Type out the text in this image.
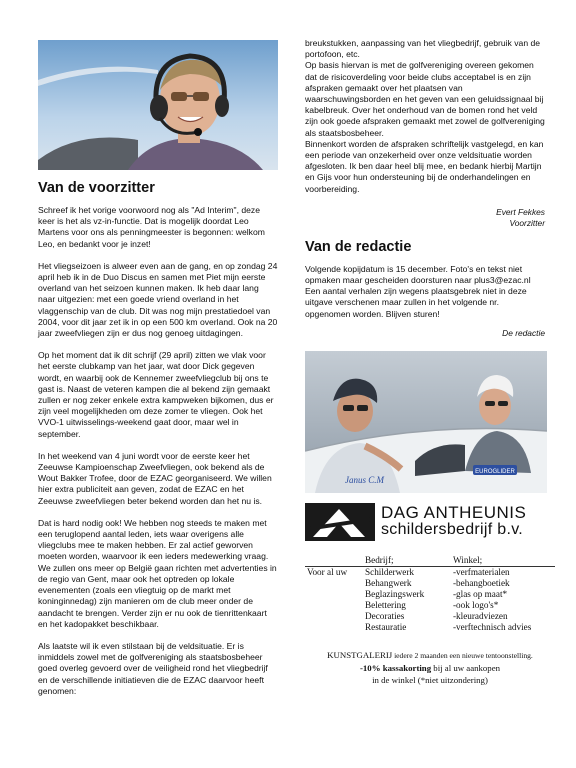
Van de voorzitter

Schreef ik het vorige voorwoord nog als "Ad Interim", deze keer is het als vz-in-functie. Dat is mogelijk doordat Leo Martens voor ons als penningmeester is begonnen: welkom Leo, en bedankt voor je inzet!

Het vliegseizoen is alweer even aan de gang, en op zondag 24 april heb ik in de Duo Discus en samen met Piet mijn eerste overland van het seizoen kunnen maken. Ik heb daar lang naar uitgezien: met een goede vriend overland in het vlaggenschip van de club. Dit was nog mijn prestatiedoel van 2004, voor dit jaar zet ik in op een 500 km overland. Ook na 20 jaar zweefvliegen zijn er dus nog genoeg uitdagingen.

Op het moment dat ik dit schrijf (29 april) zitten we vlak voor het eerste clubkamp van het jaar, wat door Dick gegeven wordt, en waarbij ook de Kennemer zweefvliegclub bij ons te gast is. Naast de veteren kampen die al bekend zijn gemaakt zullen er nog zeker enkele extra kampweken bijkomen, dus er zijn veel mogelijkheden om deze zomer te vliegen. Ook het VVO-1 uitwisselings-weekend gaat door, maar wel in september.

In het weekend van 4 juni wordt voor de eerste keer het Zeeuwse Kampioenschap Zweefvliegen, ook bekend als de Wout Bakker Trofee, door de EZAC georganiseerd. We willen hier extra publiciteit aan geven, zodat de EZAC en het Zeeuwse zweefvliegen beter bekend worden dan het nu is.

Dat is hard nodig ook! We hebben nog steeds te maken met een teruglopend aantal leden, iets waar overigens alle vliegclubs mee te maken hebben. Er zal actief geworven moeten worden, waarvoor ik een ieders medewerking vraag. We zullen ons meer op België gaan richten met advertenties in de regio van Gent, maar ook het optreden op lokale evenementen (zoals een vliegtuig op de markt met koninginnedag) zijn manieren om de club meer onder de aandacht te brengen. Verder zijn er nu ook de tienrittenkaart en het kadopakket beschikbaar.

Als laatste wil ik even stilstaan bij de veldsituatie. Er is inmiddels zowel met de golfvereniging als staatsbosbeheer goed overleg gevoerd over de veiligheid rond het vliegbedrijf en de verschillende initiatieven die de EZAC daarvoor heeft genomen:

breukstukken, aanpassing van het vliegbedrijf, gebruik van de portofoon, etc.
Op basis hiervan is met de golfvereniging overeen gekomen dat de risicoverdeling voor beide clubs acceptabel is en zijn afspraken gemaakt over het plaatsen van waarschuwingsborden en het geven van een geluidssignaal bij kabelbreuk. Over het onderhoud van de bomen rond het veld zijn ook goede afspraken gemaakt met zowel de golfvereniging als staatsbosbeheer.
Binnenkort worden de afspraken schriftelijk vastgelegd, en kan een periode van onzekerheid over onze veldsituatie worden afgesloten. Ik ben daar heel blij mee, en bedank hierbij Martijn en Gijs voor hun ondersteuning bij de onderhandelingen en voorbereiding.

Evert Fekkes
Voorzitter
Van de redactie

Volgende kopijdatum is 15 december. Foto's en tekst niet opmaken maar gescheiden doorsturen naar plus3@ezac.nl
Een aantal verhalen zijn wegens plaatsgebrek niet in deze uitgave verschenen maar zullen in het volgende nr. opgenomen worden. Blijven sturen!

De redactie
EUROGLIDER
Janus C.M
DAG ANTHEUNIS
schildersbedrijf b.v.
Bedrijf;	Winkel;
Voor al uw Schilderwerk	-verfmaterialen
Behangwerk	-behangboetiek
Beglazingswerk	-glas op maat*
Belettering	-ook logo's*
Decoraties	-kleuradviezen
Restauratie	-verftechnisch advies
KUNSTGALERIJ iedere 2 maanden een nieuwe tentoonstelling.
-10% kassakorting bij al uw aankopen
in de winkel (*niet uitzondering)
